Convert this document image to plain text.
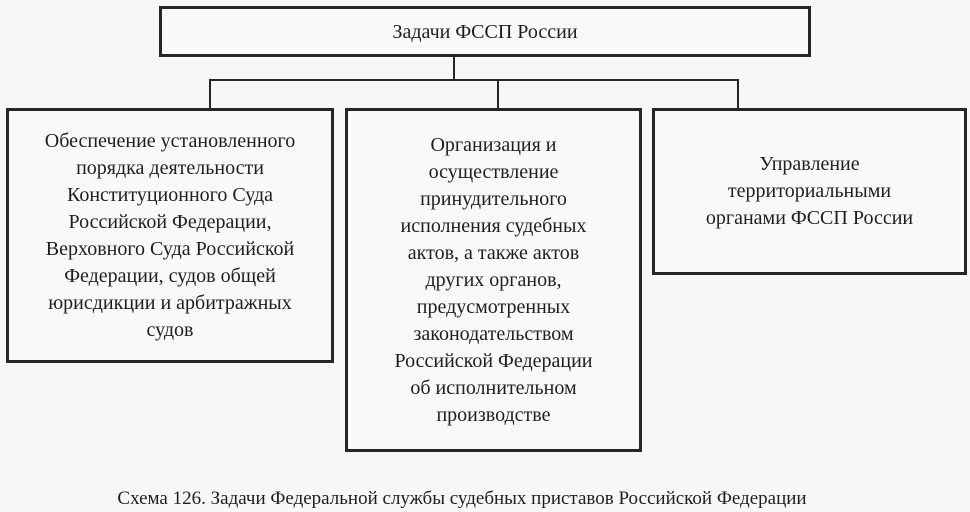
Задачи ФССП России
Обеспечение установленного
порядка деятельности
Конституционного Суда
Российской Федерации,
Верховного Суда Российской
Федерации, судов общей
юрисдикции и арбитражных
судов
Организация и
осуществление
принудительного
исполнения судебных
актов, а также актов
других органов,
предусмотренных
законодательством
Российской Федерации
об исполнительном
производстве
Управление
территориальными
органами ФССП России
Схема 126. Задачи Федеральной службы судебных приставов Российской Федерации
